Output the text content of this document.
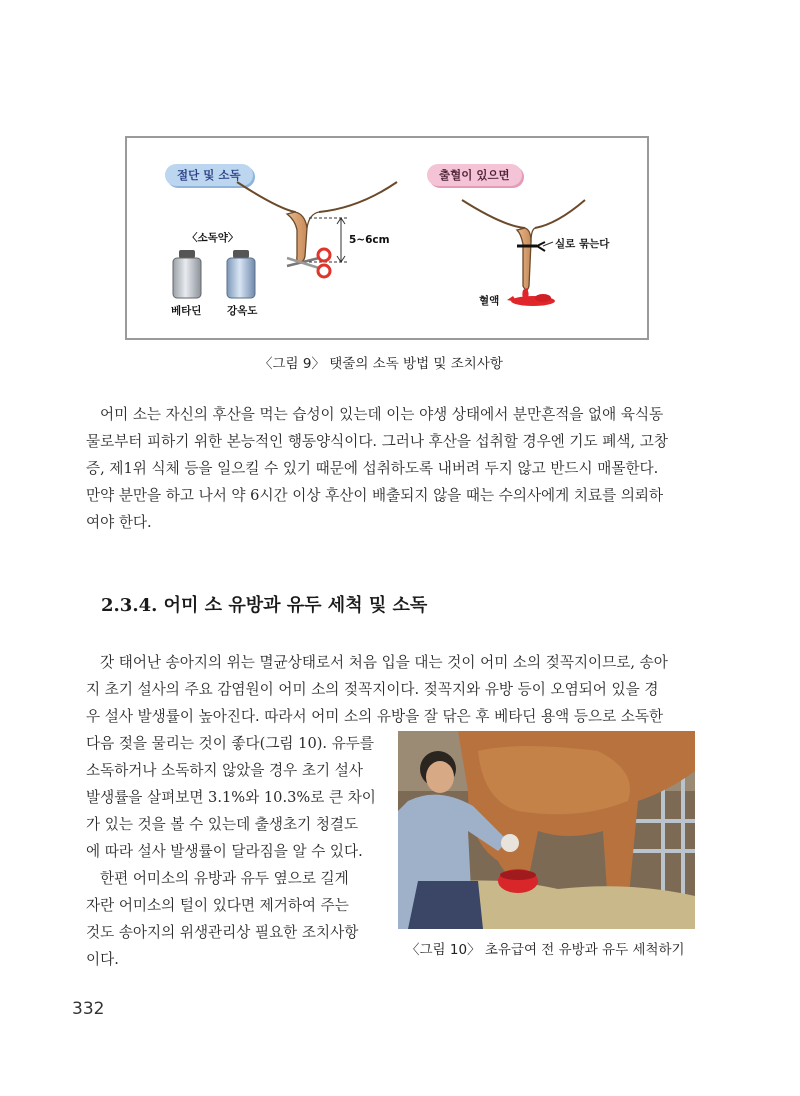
절단 및 소독	출혈이 있으면
〈소독약〉
베타딘 강옥도
5~6cm	실로 묶는다
혈액
〈그림 9〉 탯줄의 소독 방법 및 조치사항
어미 소는 자신의 후산을 먹는 습성이 있는데 이는 야생 상태에서 분만흔적을 없애 육식동
물로부터 피하기 위한 본능적인 행동양식이다. 그러나 후산을 섭취할 경우엔 기도 폐색, 고창
증, 제1위 식체 등을 일으킬 수 있기 때문에 섭취하도록 내버려 두지 않고 반드시 매몰한다.
만약 분만을 하고 나서 약 6시간 이상 후산이 배출되지 않을 때는 수의사에게 치료를 의뢰하
여야 한다.
2.3.4. 어미 소 유방과 유두 세척 및 소독
갓 태어난 송아지의 위는 멸균상태로서 처음 입을 대는 것이 어미 소의 젖꼭지이므로, 송아
지 초기 설사의 주요 감염원이 어미 소의 젖꼭지이다. 젖꼭지와 유방 등이 오염되어 있을 경
우 설사 발생률이 높아진다. 따라서 어미 소의 유방을 잘 닦은 후 베타딘 용액 등으로 소독한
다음 젖을 물리는 것이 좋다(그림 10). 유두를
소독하거나 소독하지 않았을 경우 초기 설사
발생률을 살펴보면 3.1%와 10.3%로 큰 차이
가 있는 것을 볼 수 있는데 출생초기 청결도
에 따라 설사 발생률이 달라짐을 알 수 있다.
한편 어미소의 유방과 유두 옆으로 길게
자란 어미소의 털이 있다면 제거하여 주는
것도 송아지의 위생관리상 필요한 조치사항
이다.
〈그림 10〉 초유급여 전 유방과 유두 세척하기
332
